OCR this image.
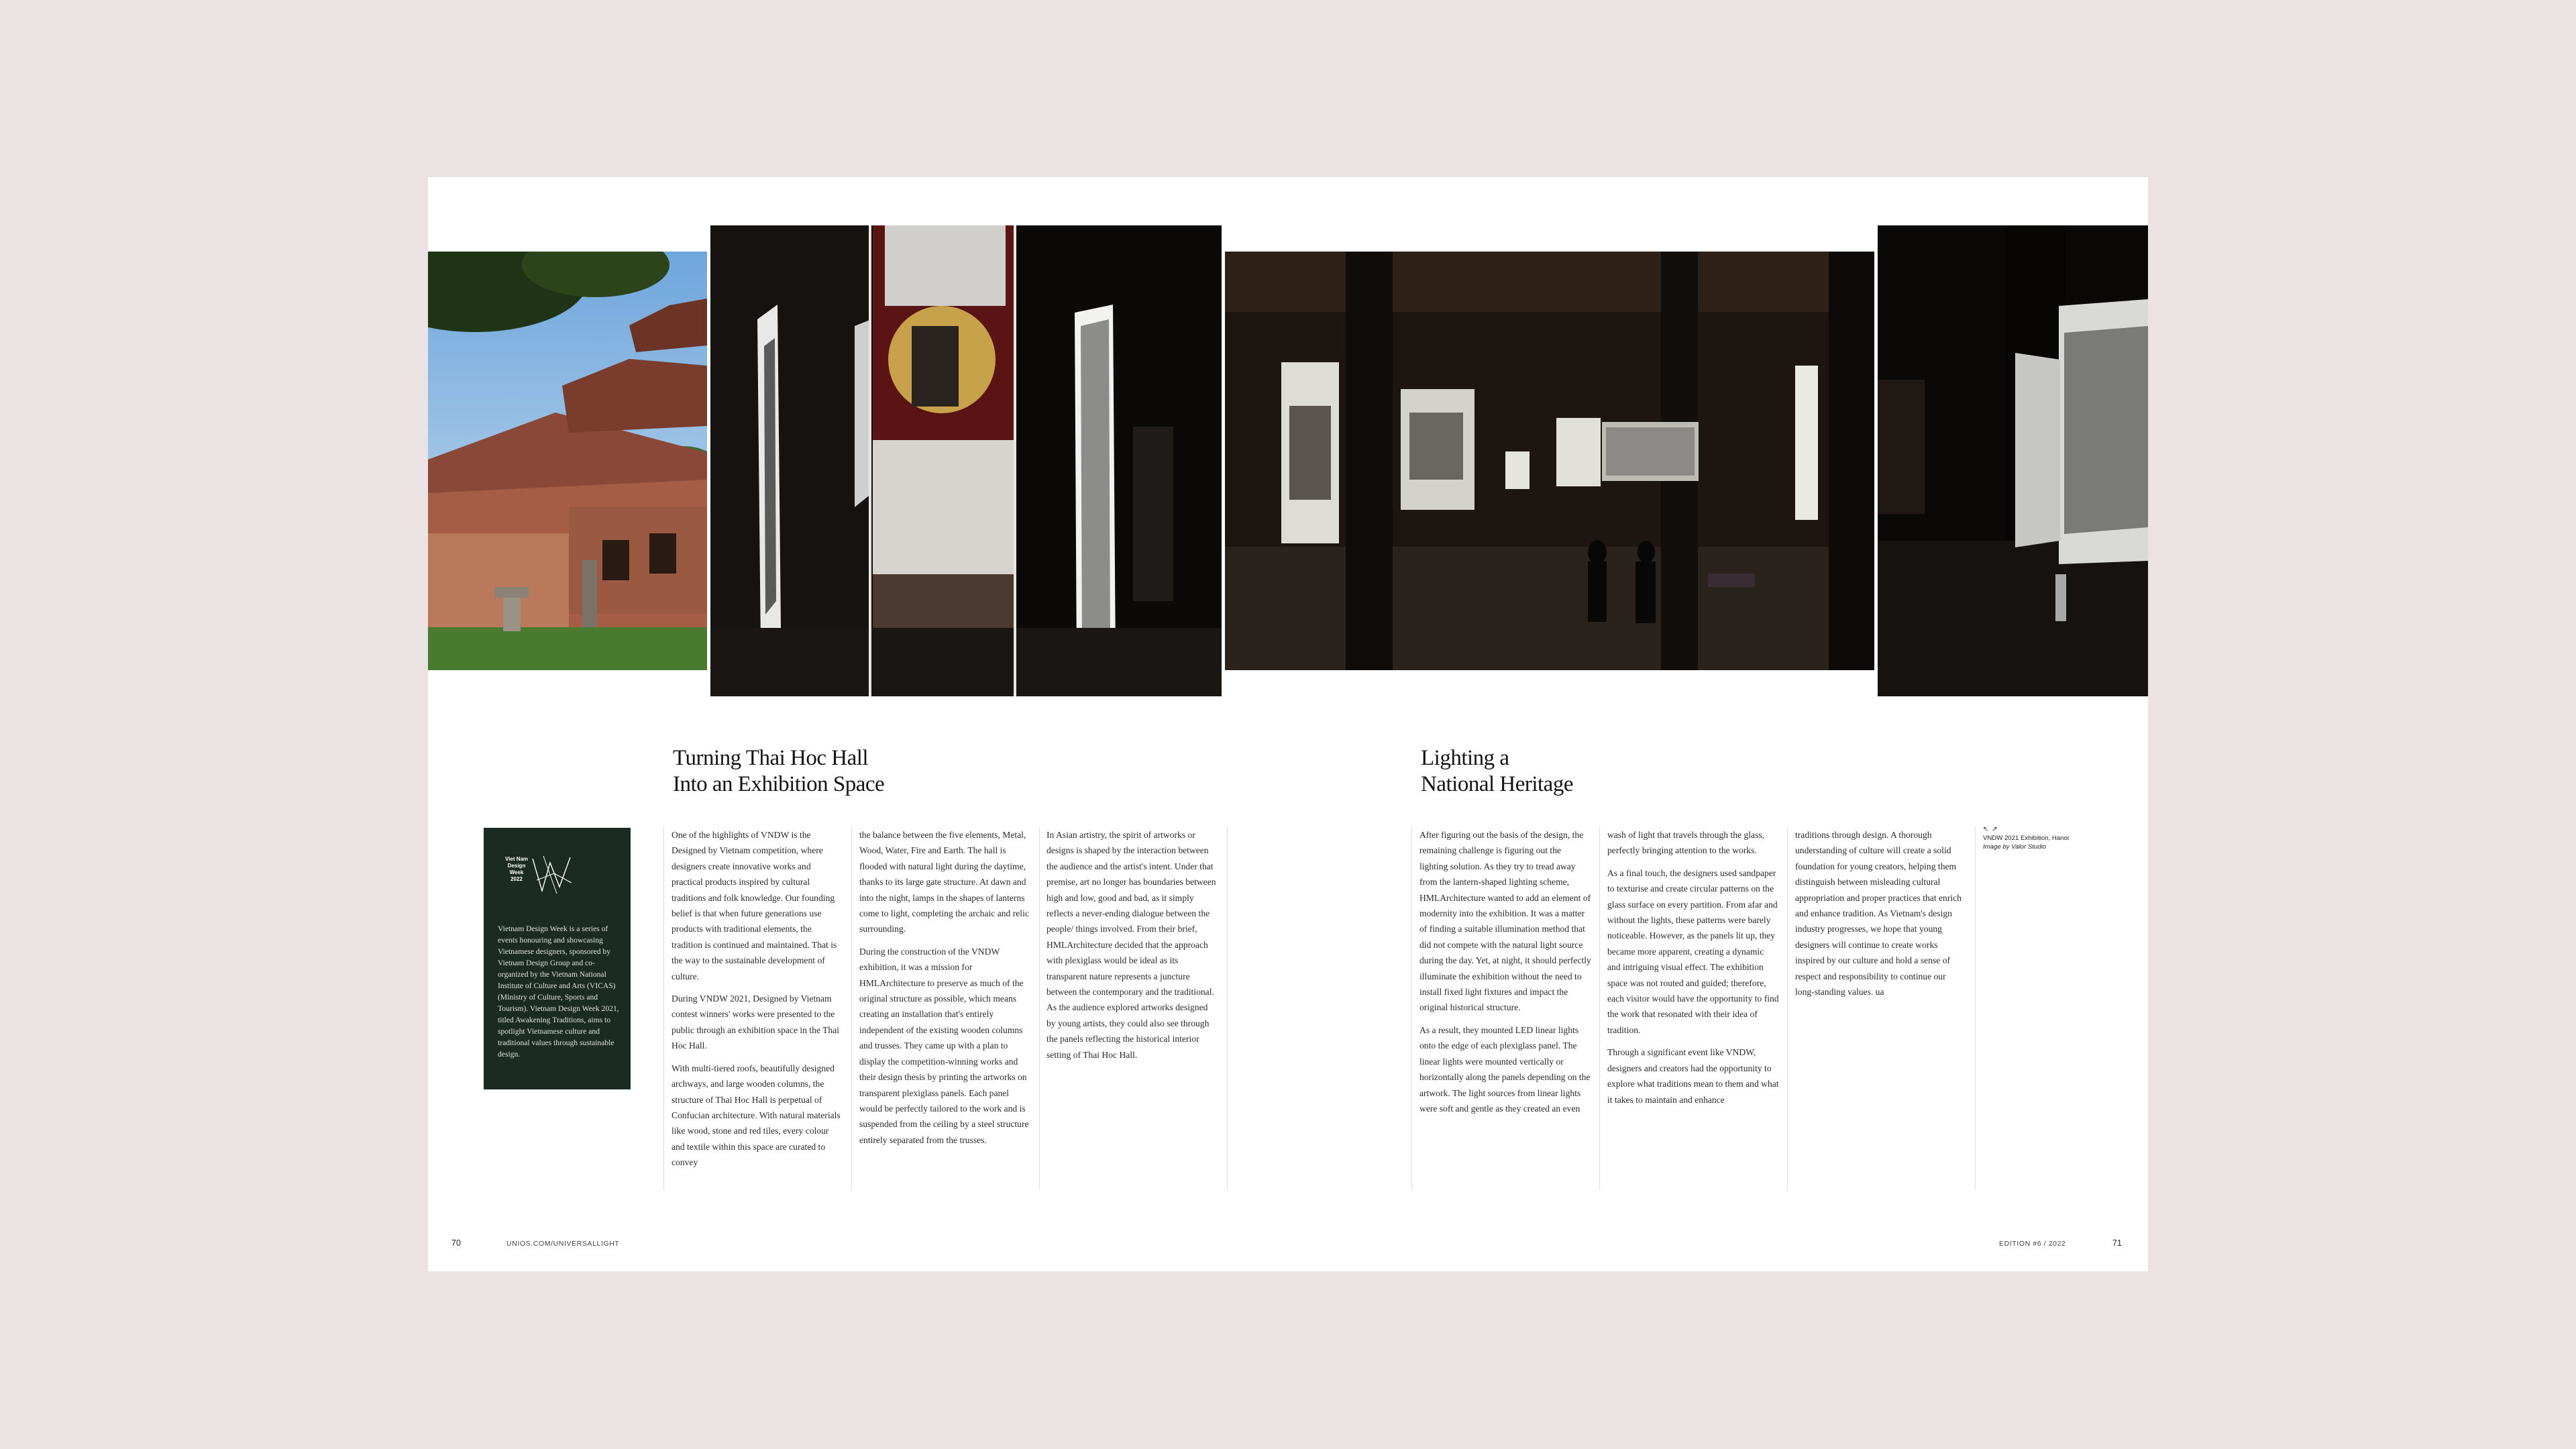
Turning Thai Hoc Hall
Into an Exhibition Space
Lighting a
National Heritage
Viet Nam
Design
Week
2022
Vietnam Design Week is a series of events honouring and showcasing Vietnamese designers, sponsored by Vietnam Design Group and co-organized by the Vietnam National Institute of Culture and Arts (VICAS) (Ministry of Culture, Sports and Tourism). Vietnam Design Week 2021, titled Awakening Traditions, aims to spotlight Vietnamese culture and traditional values through sustainable design.

One of the highlights of VNDW is the Designed by Vietnam competition, where designers create innovative works and practical products inspired by cultural traditions and folk knowledge. Our founding belief is that when future generations use products with traditional elements, the tradition is continued and maintained. That is the way to the sustainable development of culture.

During VNDW 2021, Designed by Vietnam contest winners' works were presented to the public through an exhibition space in the Thai Hoc Hall.

With multi-tiered roofs, beautifully designed archways, and large wooden columns, the structure of Thai Hoc Hall is perpetual of Confucian architecture. With natural materials like wood, stone and red tiles, every colour and textile within this space are curated to convey

the balance between the five elements, Metal, Wood, Water, Fire and Earth. The hall is flooded with natural light during the daytime, thanks to its large gate structure. At dawn and into the night, lamps in the shapes of lanterns come to light, completing the archaic and relic surrounding.

During the construction of the VNDW exhibition, it was a mission for HMLArchitecture to preserve as much of the original structure as possible, which means creating an installation that's entirely independent of the existing wooden columns and trusses. They came up with a plan to display the competition-winning works and their design thesis by printing the artworks on transparent plexiglass panels. Each panel would be perfectly tailored to the work and is suspended from the ceiling by a steel structure entirely separated from the trusses.

In Asian artistry, the spirit of artworks or designs is shaped by the interaction between the audience and the artist's intent. Under that premise, art no longer has boundaries between high and low, good and bad, as it simply reflects a never-ending dialogue between the people/ things involved. From their brief, HMLArchitecture decided that the approach with plexiglass would be ideal as its transparent nature represents a juncture between the contemporary and the traditional. As the audience explored artworks designed by young artists, they could also see through the panels reflecting the historical interior setting of Thai Hoc Hall.

After figuring out the basis of the design, the remaining challenge is figuring out the lighting solution. As they try to tread away from the lantern-shaped lighting scheme, HMLArchitecture wanted to add an element of modernity into the exhibition. It was a matter of finding a suitable illumination method that did not compete with the natural light source during the day. Yet, at night, it should perfectly illuminate the exhibition without the need to install fixed light fixtures and impact the original historical structure.

As a result, they mounted LED linear lights onto the edge of each plexiglass panel. The linear lights were mounted vertically or horizontally along the panels depending on the artwork. The light sources from linear lights were soft and gentle as they created an even

wash of light that travels through the glass, perfectly bringing attention to the works.

As a final touch, the designers used sandpaper to texturise and create circular patterns on the glass surface on every partition. From afar and without the lights, these patterns were barely noticeable. However, as the panels lit up, they became more apparent, creating a dynamic and intriguing visual effect. The exhibition space was not routed and guided; therefore, each visitor would have the opportunity to find the work that resonated with their idea of tradition.

Through a significant event like VNDW, designers and creators had the opportunity to explore what traditions mean to them and what it takes to maintain and enhance

traditions through design. A thorough understanding of culture will create a solid foundation for young creators, helping them distinguish between misleading cultural appropriation and proper practices that enrich and enhance tradition. As Vietnam's design industry progresses, we hope that young designers will continue to create works inspired by our culture and hold a sense of respect and responsibility to continue our long-standing values. ua

↖ ↗
VNDW 2021 Exhibition, Hanoi
Image by Valor Studio
70	UNIOS.COM/UNIVERSALLIGHT	EDITION #6 / 2022	71
